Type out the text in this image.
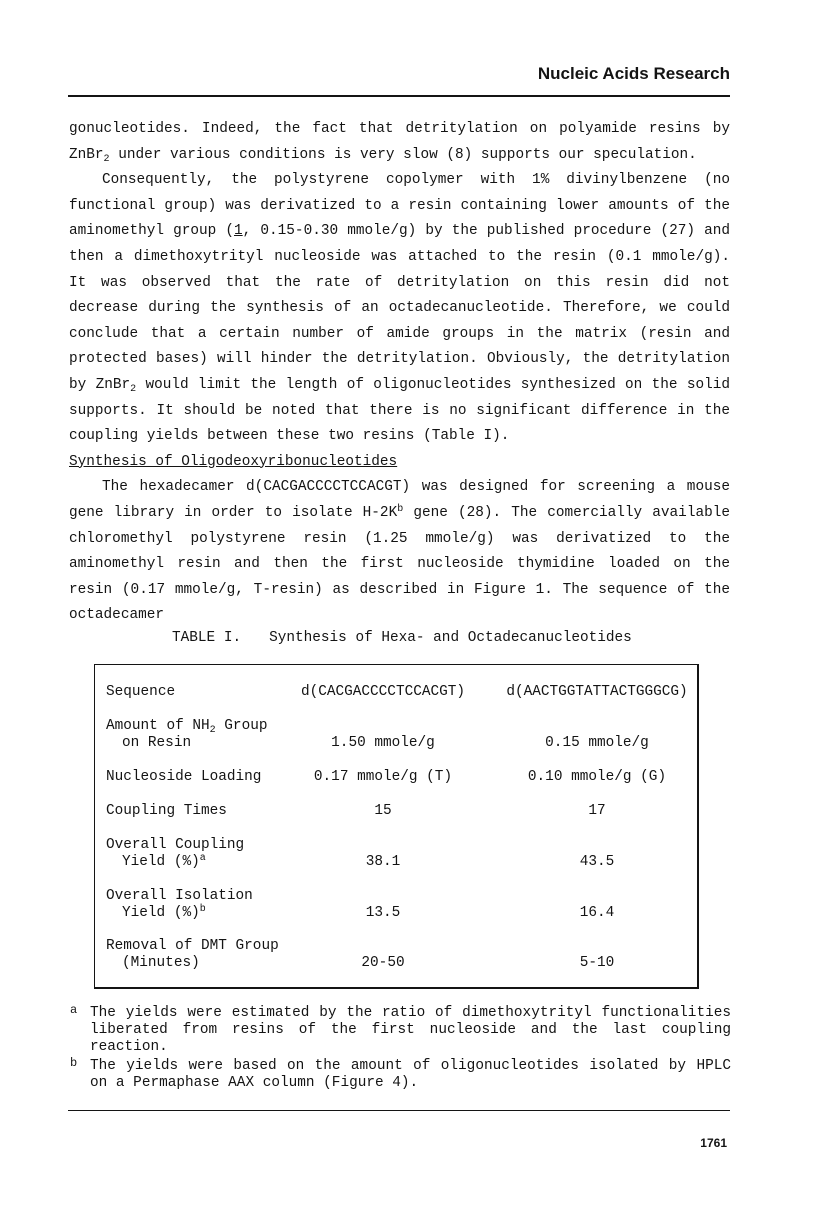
Nucleic Acids Research

gonucleotides. Indeed, the fact that detritylation on polyamide resins by ZnBr$_2$ under various conditions is very slow (8) supports our speculation.

Consequently, the polystyrene copolymer with 1% divinylbenzene (no functional group) was derivatized to a resin containing lower amounts of the aminomethyl group (1, 0.15-0.30 mmole/g) by the published procedure (27) and then a dimethoxytrityl nucleoside was attached to the resin (0.1 mmole/g). It was observed that the rate of detritylation on this resin did not decrease during the synthesis of an octadecanucleotide. Therefore, we could conclude that a certain number of amide groups in the matrix (resin and protected bases) will hinder the detritylation. Obviously, the detritylation by ZnBr$_2$ would limit the length of oligonucleotides synthesized on the solid supports. It should be noted that there is no significant difference in the coupling yields between these two resins (Table I).

Synthesis of Oligodeoxyribonucleotides

The hexadecamer d(CACGACCCCTCCACGT) was designed for screening a mouse gene library in order to isolate $H-2K^b$ gene (28). The comercially available chloromethyl polystyrene resin (1.25 mmole/g) was derivatized to the aminomethyl resin and then the first nucleoside thymidine loaded on the resin (0.17 mmole/g, T-resin) as described in Figure 1. The sequence of the octadecamer

TABLE I. Synthesis of Hexa- and Octadecanucleotides
Sequence	d(CACGACCCCTCCACGT)	d(AACTGGTATTACTGGGCG)
Amount of $NH_2$ Group
on Resin	1.50 mmole/g	0.15 mmole/g
Nucleoside Loading	0.17 mmole/g (T)	0.10 mmole/g (G)
Coupling Times	15	17
Overall Coupling
Yield (%)$^a$	38.1	43.5
Overall Isolation
Yield (%)$^b$	13.5	16.4
Removal of DMT Group
(Minutes)	20-50	5-10
a The yields were estimated by the ratio of dimethoxytrityl functionalities liberated from resins of the first nucleoside and the last coupling reaction.
b The yields were based on the amount of oligonucleotides isolated by HPLC on a Permaphase AAX column (Figure 4).
1761
